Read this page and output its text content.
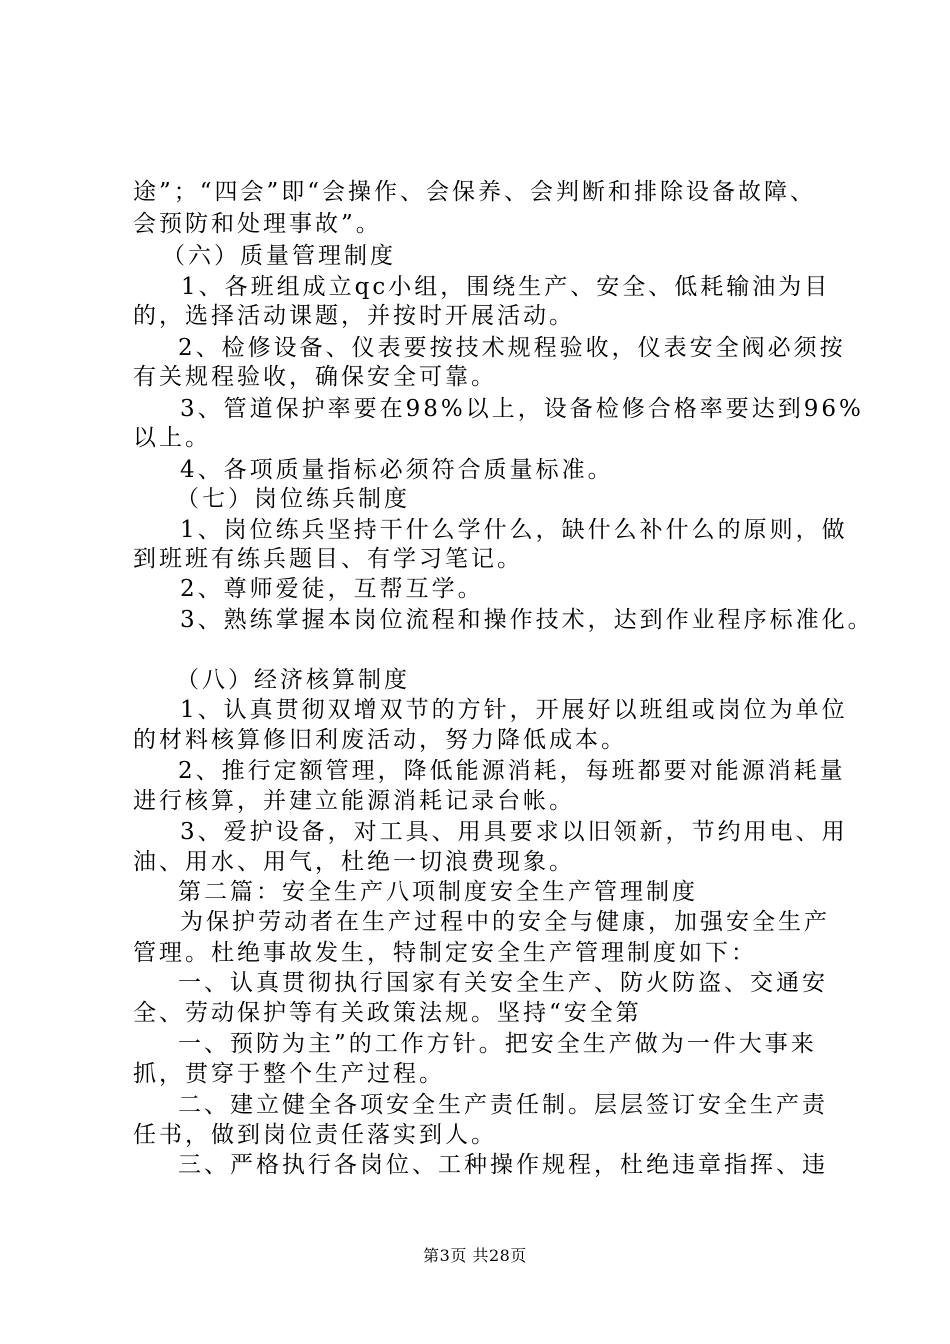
途”；“四会”即“会操作、会保养、会判断和排除设备故障、
会预防和处理事故”。
（六）质量管理制度
1、各班组成立qc小组，围绕生产、安全、低耗输油为目
的，选择活动课题，并按时开展活动。
2、检修设备、仪表要按技术规程验收，仪表安全阀必须按
有关规程验收，确保安全可靠。
3、管道保护率要在98%以上，设备检修合格率要达到96%
以上。
4、各项质量指标必须符合质量标准。
（七）岗位练兵制度
1、岗位练兵坚持干什么学什么，缺什么补什么的原则，做
到班班有练兵题目、有学习笔记。
2、尊师爱徒，互帮互学。
3、熟练掌握本岗位流程和操作技术，达到作业程序标准化。
（八）经济核算制度
1、认真贯彻双增双节的方针，开展好以班组或岗位为单位
的材料核算修旧利废活动，努力降低成本。
2、推行定额管理，降低能源消耗，每班都要对能源消耗量
进行核算，并建立能源消耗记录台帐。
3、爱护设备，对工具、用具要求以旧领新，节约用电、用
油、用水、用气，杜绝一切浪费现象。
第二篇：安全生产八项制度安全生产管理制度
为保护劳动者在生产过程中的安全与健康，加强安全生产
管理。杜绝事故发生，特制定安全生产管理制度如下：
一、认真贯彻执行国家有关安全生产、防火防盗、交通安
全、劳动保护等有关政策法规。坚持“安全第
一、预防为主”的工作方针。把安全生产做为一件大事来
抓，贯穿于整个生产过程。
二、建立健全各项安全生产责任制。层层签订安全生产责
任书，做到岗位责任落实到人。
三、严格执行各岗位、工种操作规程，杜绝违章指挥、违
第3页 共28页
